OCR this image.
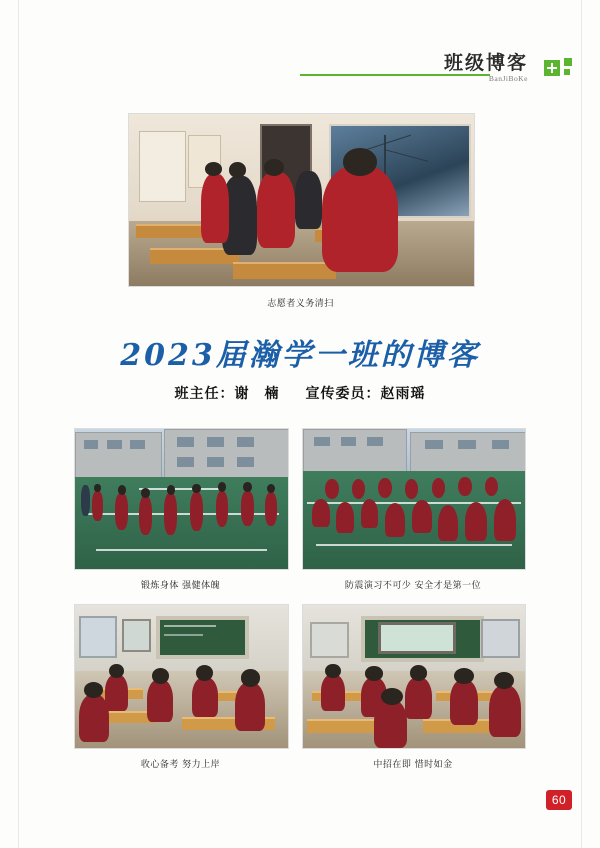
班级博客
BanJiBoKe
志愿者义务清扫
2023届瀚学一班的博客
班主任：谢　楠 宣传委员：赵雨瑶
锻炼身体 强健体魄	防震演习不可少 安全才是第一位
收心备考 努力上岸	中招在即 惜时如金
60
